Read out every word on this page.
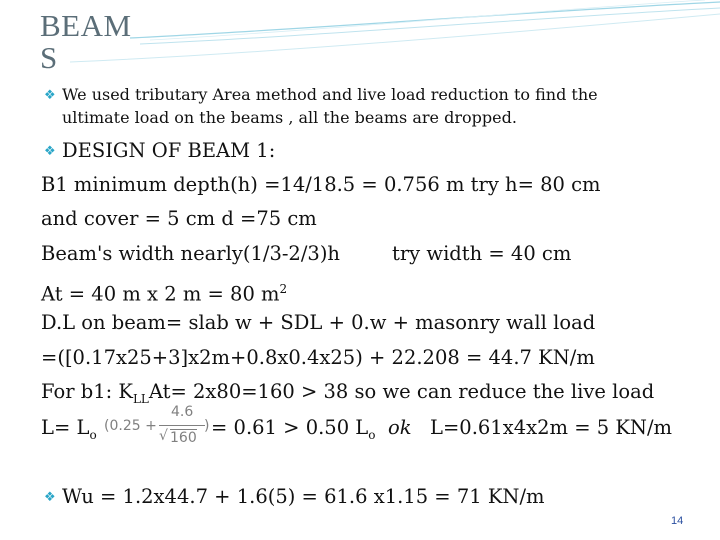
BEAM
S
❖ We used tributary Area method and live load reduction to find the
ultimate load on the beams , all the beams are dropped.
❖ DESIGN OF BEAM 1:
B1 minimum depth(h) =14/18.5 = 0.756 m try h= 80 cm
and cover = 5 cm d =75 cm
Beam's width nearly(1/3-2/3)h	try width = 40 cm
At = 40 m x 2 m = 80 $m^2$
D.L on beam= slab w + SDL + 0.w + masonry wall load
=([0.17x25+3]x2m+0.8x0.4x25) + 22.208 = 44.7 KN/m
For b1: $K_{LL}At= 2x80=160 > 38$ so we can reduce the live load
$L= L_o$
(0.25 +
4.6
√ 160
) = 0.61 > 0.50 $L_o$ ok L=0.61x4x2m = 5 KN/m
❖ Wu = 1.2x44.7 + 1.6(5) = 61.6 x1.15 = 71 KN/m
14
